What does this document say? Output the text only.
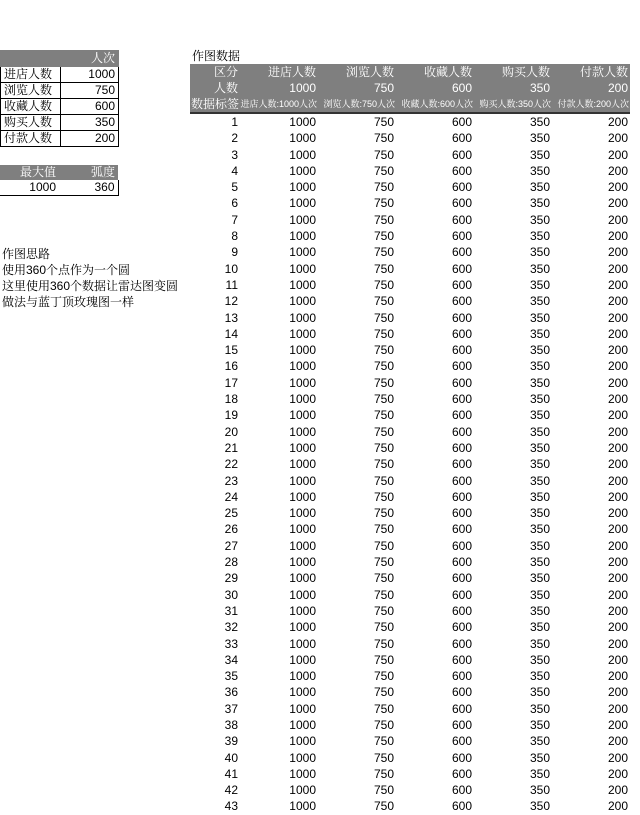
	人次
进店人数	1000
浏览人数	750
收藏人数	600
购买人数	350
付款人数	200
最大值	弧度
1000	360
作图思路
使用360个点作为一个圆
这里使用360个数据让雷达图变圆
做法与蓝丁顶玫瑰图一样
作图数据
区分	进店人数	浏览人数	收藏人数	购买人数	付款人数
人数	1000	750	600	350	200
数据标签	进店人数:1000人次	浏览人数:750人次	收藏人数:600人次	购买人数:350人次	付款人数:200人次
1	1000	750	600	350	200
2	1000	750	600	350	200
3	1000	750	600	350	200
4	1000	750	600	350	200
5	1000	750	600	350	200
6	1000	750	600	350	200
7	1000	750	600	350	200
8	1000	750	600	350	200
9	1000	750	600	350	200
10	1000	750	600	350	200
11	1000	750	600	350	200
12	1000	750	600	350	200
13	1000	750	600	350	200
14	1000	750	600	350	200
15	1000	750	600	350	200
16	1000	750	600	350	200
17	1000	750	600	350	200
18	1000	750	600	350	200
19	1000	750	600	350	200
20	1000	750	600	350	200
21	1000	750	600	350	200
22	1000	750	600	350	200
23	1000	750	600	350	200
24	1000	750	600	350	200
25	1000	750	600	350	200
26	1000	750	600	350	200
27	1000	750	600	350	200
28	1000	750	600	350	200
29	1000	750	600	350	200
30	1000	750	600	350	200
31	1000	750	600	350	200
32	1000	750	600	350	200
33	1000	750	600	350	200
34	1000	750	600	350	200
35	1000	750	600	350	200
36	1000	750	600	350	200
37	1000	750	600	350	200
38	1000	750	600	350	200
39	1000	750	600	350	200
40	1000	750	600	350	200
41	1000	750	600	350	200
42	1000	750	600	350	200
43	1000	750	600	350	200
